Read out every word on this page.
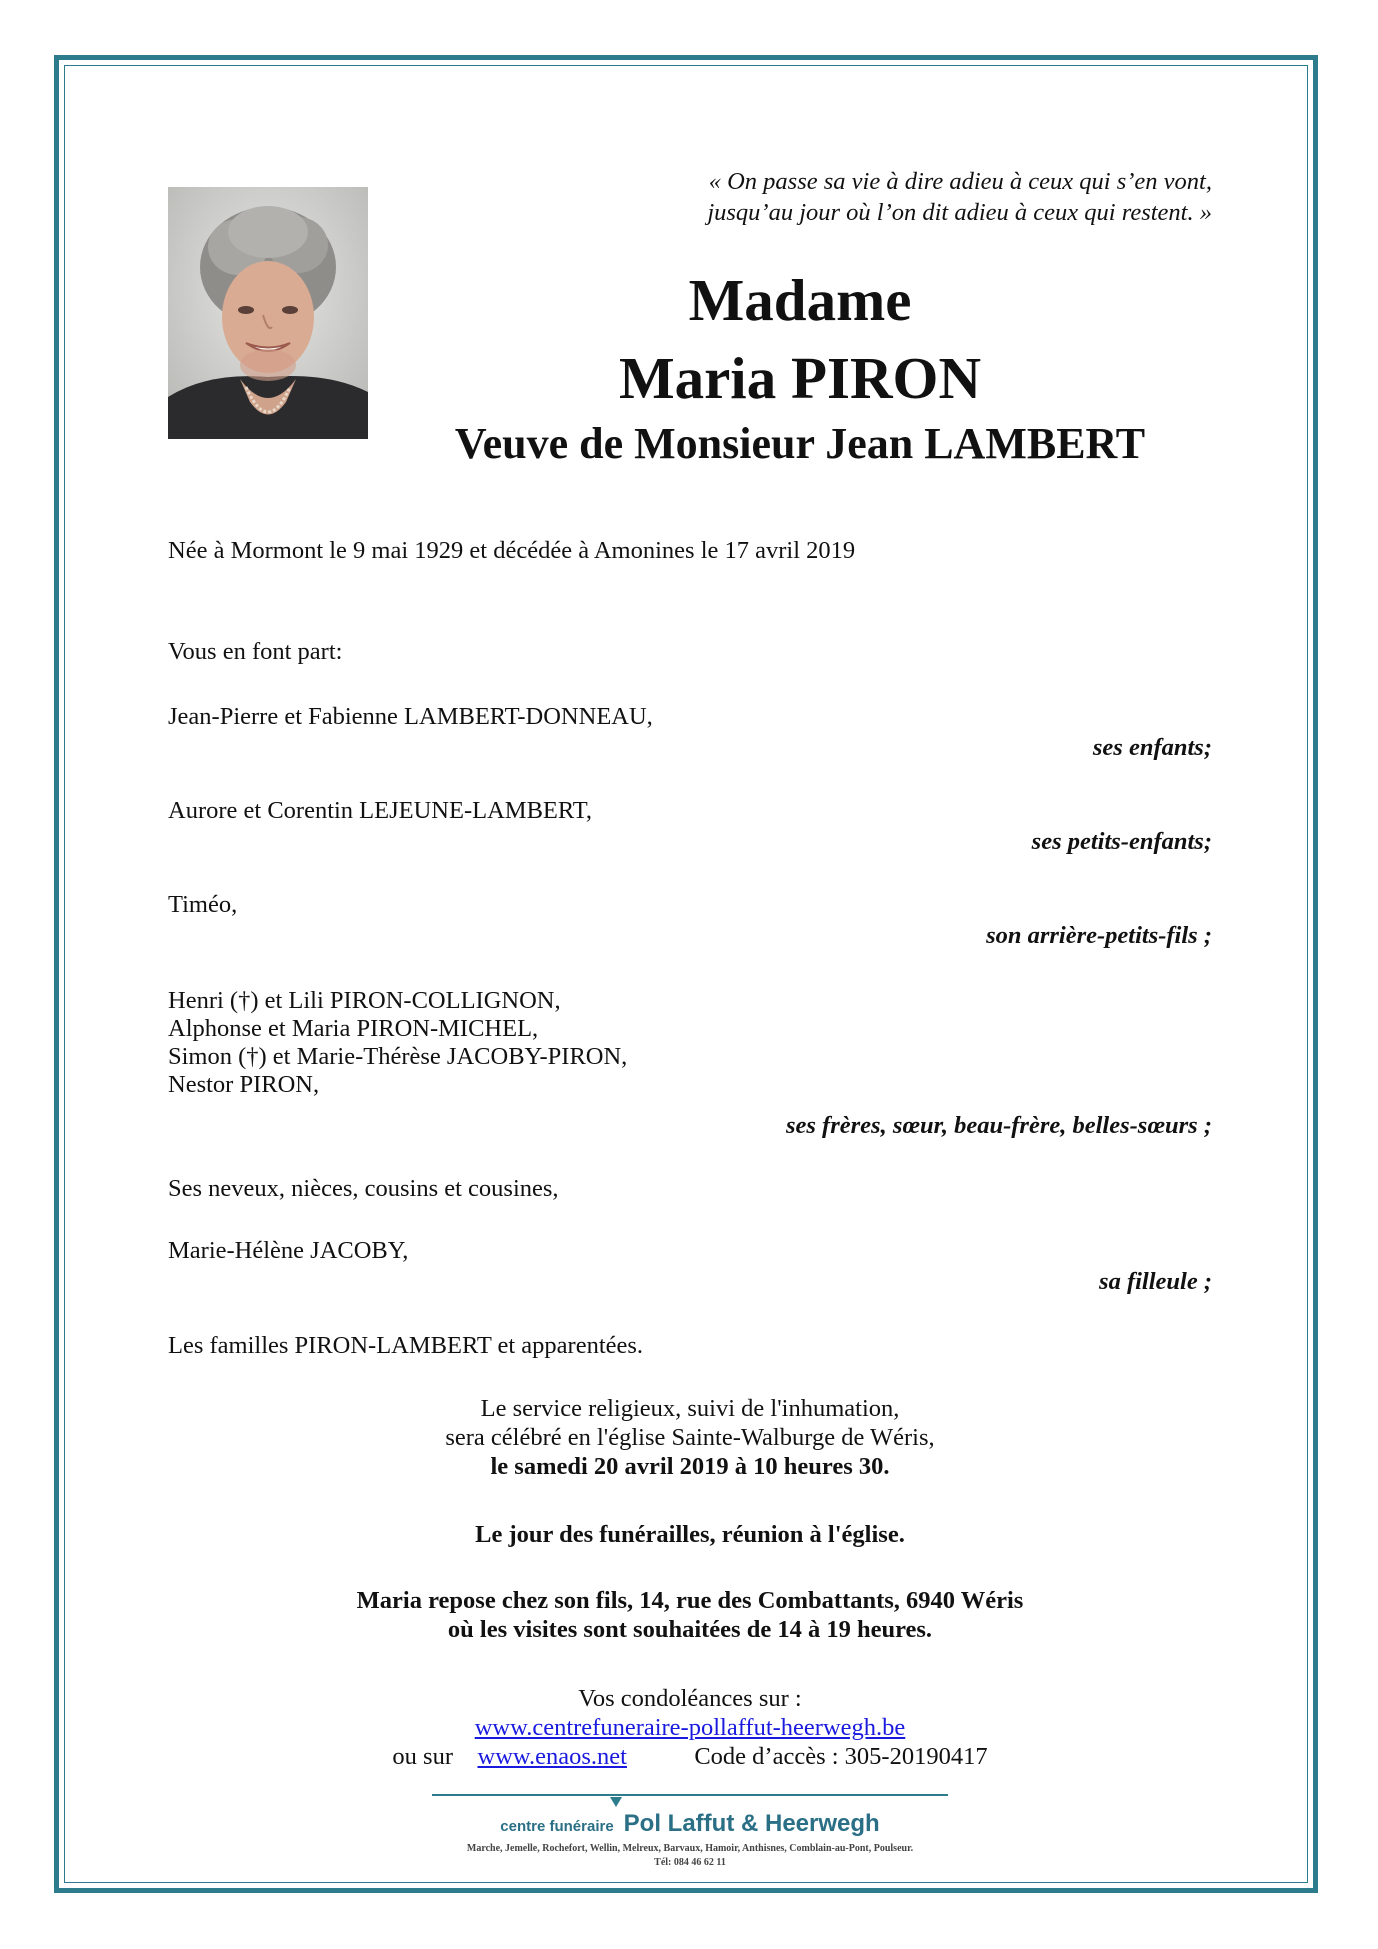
« On passe sa vie à dire adieu à ceux qui s’en vont,
jusqu’au jour où l’on dit adieu à ceux qui restent. »
Madame
Maria PIRON
Veuve de Monsieur Jean LAMBERT
Née à Mormont le 9 mai 1929 et décédée à Amonines le 17 avril 2019
Vous en font part:
Jean-Pierre et Fabienne LAMBERT-DONNEAU,
ses enfants;
Aurore et Corentin LEJEUNE-LAMBERT,
ses petits-enfants;
Timéo,
son arrière-petits-fils ;
Henri (†) et Lili PIRON-COLLIGNON,
Alphonse et Maria PIRON-MICHEL,
Simon (†) et Marie-Thérèse JACOBY-PIRON,
Nestor PIRON,
ses frères, sœur, beau-frère, belles-sœurs ;
Ses neveux, nièces, cousins et cousines,
Marie-Hélène JACOBY,
sa filleule ;
Les familles PIRON-LAMBERT et apparentées.
Le service religieux, suivi de l'inhumation,
sera célébré en l'église Sainte-Walburge de Wéris,
le samedi 20 avril 2019 à 10 heures 30.
Le jour des funérailles, réunion à l'église.
Maria repose chez son fils, 14, rue des Combattants, 6940 Wéris
où les visites sont souhaitées de 14 à 19 heures.
Vos condoléances sur :
www.centrefuneraire-pollaffut-heerwegh.be
ou sur www.enaos.net	Code d’accès : 305-20190417
centre funéraire Pol Laffut & Heerwegh
Marche, Jemelle, Rochefort, Wellin, Melreux, Barvaux, Hamoir, Anthisnes, Comblain-au-Pont, Poulseur.
Tél: 084 46 62 11
